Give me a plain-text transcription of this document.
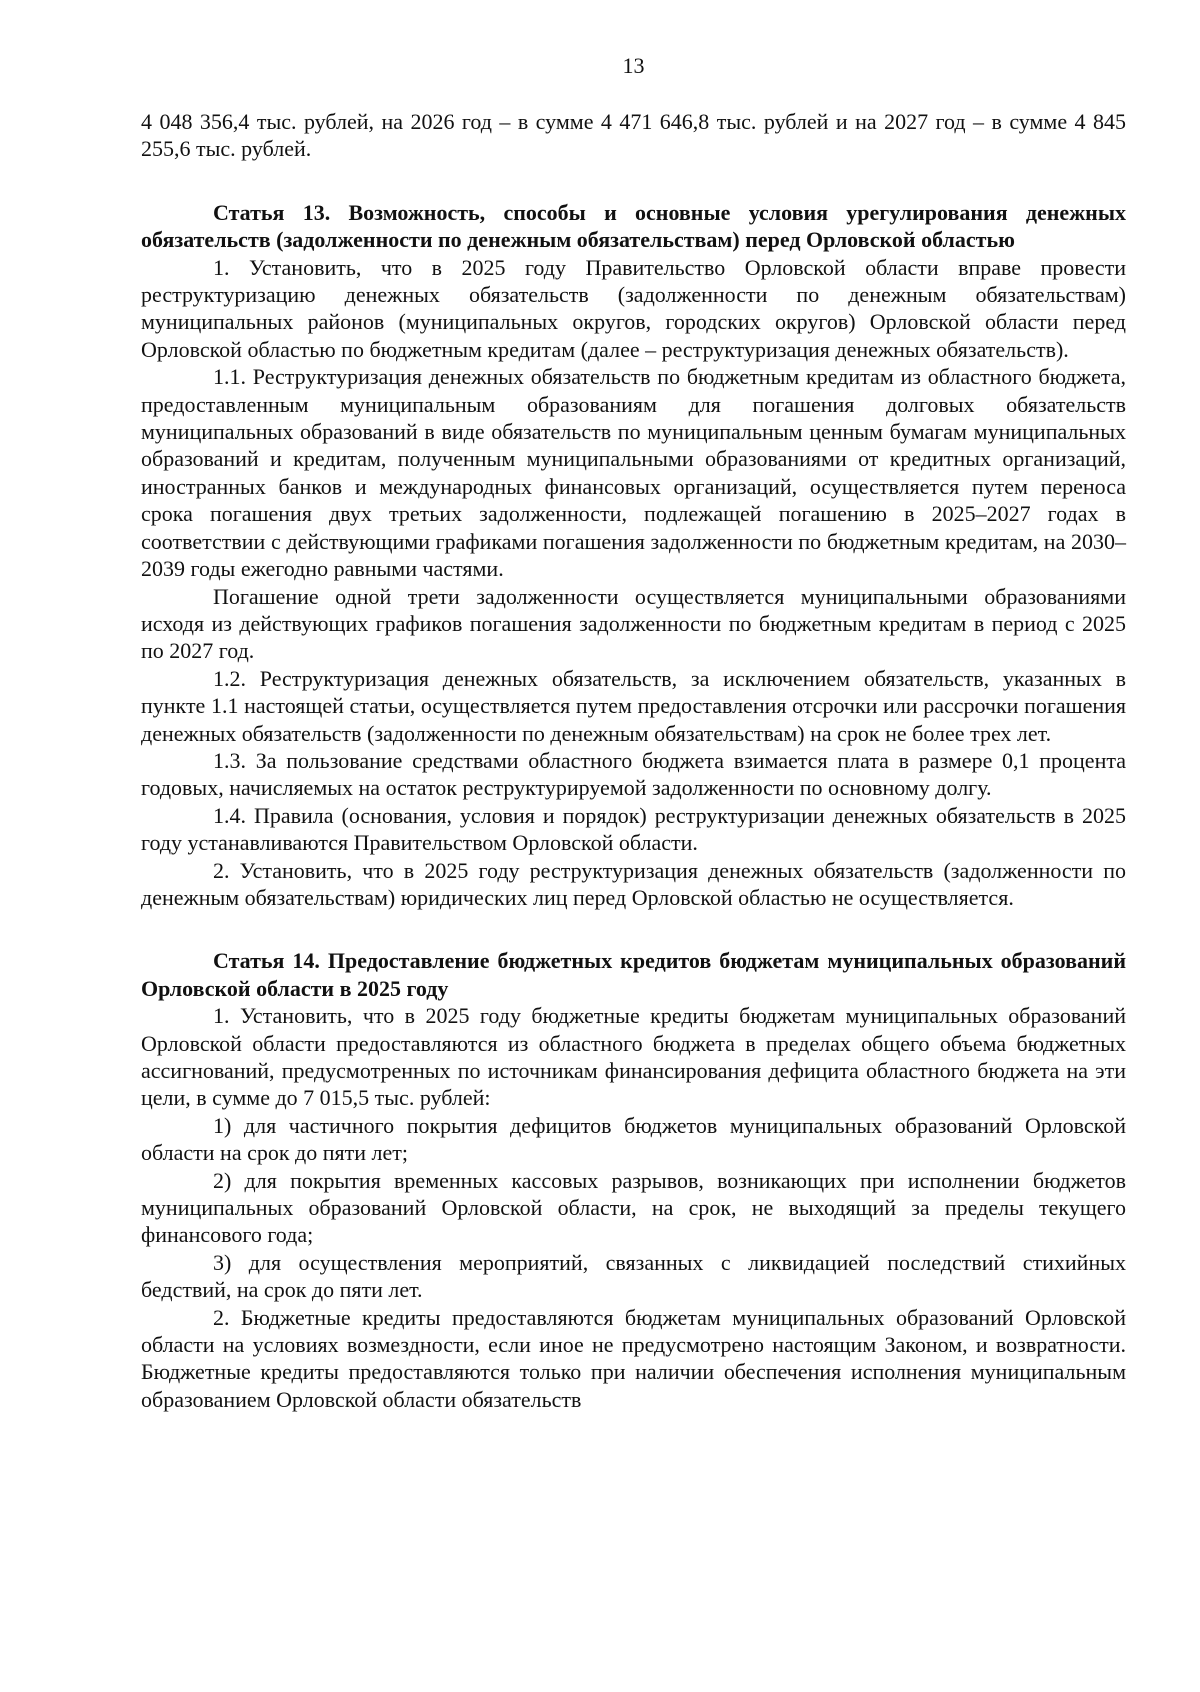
13

4 048 356,4 тыс. рублей, на 2026 год – в сумме 4 471 646,8 тыс. рублей и на 2027 год – в сумме 4 845 255,6 тыс. рублей.

Статья 13. Возможность, способы и основные условия урегулирования денежных обязательств (задолженности по денежным обязательствам) перед Орловской областью

1. Установить, что в 2025 году Правительство Орловской области вправе провести реструктуризацию денежных обязательств (задолженности по денежным обязательствам) муниципальных районов (муниципальных округов, городских округов) Орловской области перед Орловской областью по бюджетным кредитам (далее – реструктуризация денежных обязательств).

1.1. Реструктуризация денежных обязательств по бюджетным кредитам из областного бюджета, предоставленным муниципальным образованиям для погашения долговых обязательств муниципальных образований в виде обязательств по муниципальным ценным бумагам муниципальных образований и кредитам, полученным муниципальными образованиями от кредитных организаций, иностранных банков и международных финансовых организаций, осуществляется путем переноса срока погашения двух третьих задолженности, подлежащей погашению в 2025–2027 годах в соответствии с действующими графиками погашения задолженности по бюджетным кредитам, на 2030–2039 годы ежегодно равными частями.

Погашение одной трети задолженности осуществляется муниципальными образованиями исходя из действующих графиков погашения задолженности по бюджетным кредитам в период с 2025 по 2027 год.

1.2. Реструктуризация денежных обязательств, за исключением обязательств, указанных в пункте 1.1 настоящей статьи, осуществляется путем предоставления отсрочки или рассрочки погашения денежных обязательств (задолженности по денежным обязательствам) на срок не более трех лет.

1.3. За пользование средствами областного бюджета взимается плата в размере 0,1 процента годовых, начисляемых на остаток реструктурируемой задолженности по основному долгу.

1.4. Правила (основания, условия и порядок) реструктуризации денежных обязательств в 2025 году устанавливаются Правительством Орловской области.

2. Установить, что в 2025 году реструктуризация денежных обязательств (задолженности по денежным обязательствам) юридических лиц перед Орловской областью не осуществляется.

Статья 14. Предоставление бюджетных кредитов бюджетам муниципальных образований Орловской области в 2025 году

1. Установить, что в 2025 году бюджетные кредиты бюджетам муниципальных образований Орловской области предоставляются из областного бюджета в пределах общего объема бюджетных ассигнований, предусмотренных по источникам финансирования дефицита областного бюджета на эти цели, в сумме до 7 015,5 тыс. рублей:

1) для частичного покрытия дефицитов бюджетов муниципальных образований Орловской области на срок до пяти лет;

2) для покрытия временных кассовых разрывов, возникающих при исполнении бюджетов муниципальных образований Орловской области, на срок, не выходящий за пределы текущего финансового года;

3) для осуществления мероприятий, связанных с ликвидацией последствий стихийных бедствий, на срок до пяти лет.

2. Бюджетные кредиты предоставляются бюджетам муниципальных образований Орловской области на условиях возмездности, если иное не предусмотрено настоящим Законом, и возвратности. Бюджетные кредиты предоставляются только при наличии обеспечения исполнения муниципальным образованием Орловской области обязательств
